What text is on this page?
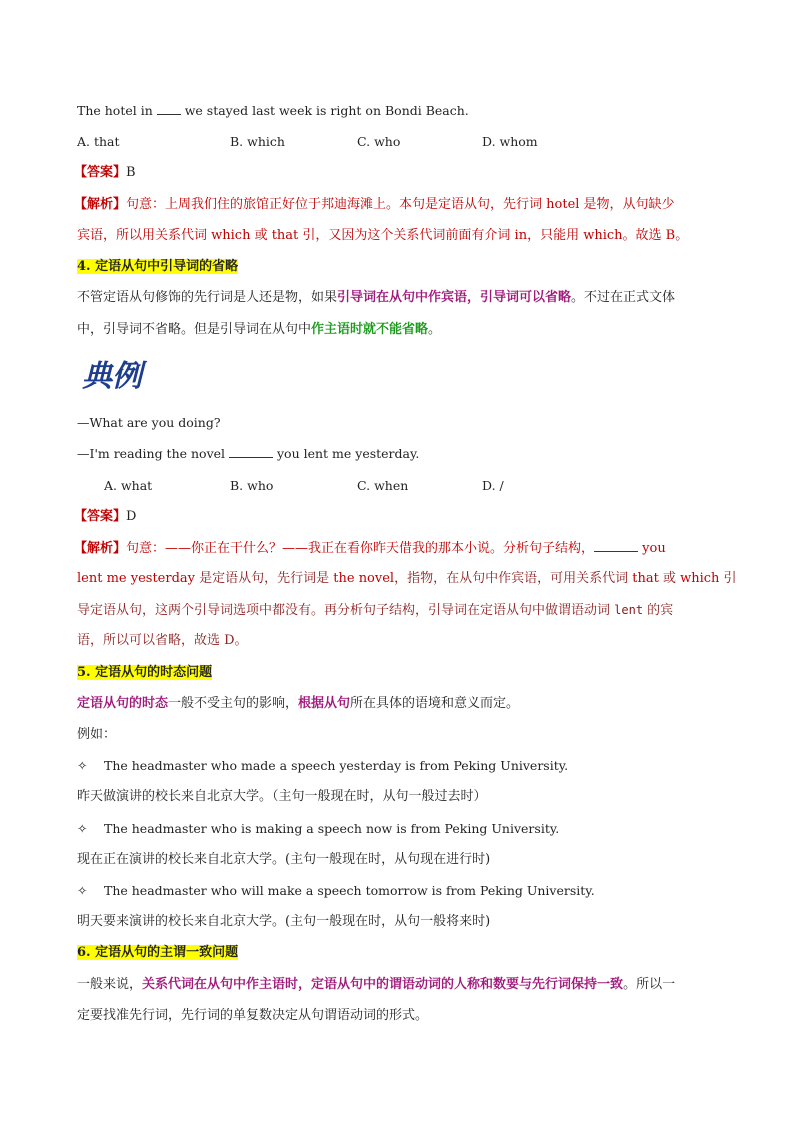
The hotel in  we stayed last week is right on Bondi Beach.
A. that	B. which	C. who	D. whom
【答案】B
【解析】句意：上周我们住的旅馆正好位于邦迪海滩上。本句是定语从句，先行词 hotel 是物，从句缺少
宾语，所以用关系代词 which 或 that 引，又因为这个关系代词前面有介词 in，只能用 which。故选 B。
4. 定语从句中引导词的省略
不管定语从句修饰的先行词是人还是物，如果引导词在从句中作宾语，引导词可以省略。不过在正式文体
中，引导词不省略。但是引导词在从句中作主语时就不能省略。
典例
—What are you doing?
—I'm reading the novel	you lent me yesterday.
A. what	B. who	C. when	D. /
【答案】D
【解析】句意：——你正在干什么？——我正在看你昨天借我的那本小说。分析句子结构，	you
lent me yesterday 是定语从句，先行词是 the novel，指物，在从句中作宾语，可用关系代词 that 或 which 引
导定语从句，这两个引导词选项中都没有。再分析句子结构，引导词在定语从句中做谓语动词 lent 的宾
语，所以可以省略，故选 D。
5. 定语从句的时态问题
定语从句的时态一般不受主句的影响，根据从句所在具体的语境和意义而定。
例如：
✧ The headmaster who made a speech yesterday is from Peking University.
昨天做演讲的校长来自北京大学。（主句一般现在时，从句一般过去时）
✧ The headmaster who is making a speech now is from Peking University.
现在正在演讲的校长来自北京大学。(主句一般现在时，从句现在进行时)
✧ The headmaster who will make a speech tomorrow is from Peking University.
明天要来演讲的校长来自北京大学。(主句一般现在时，从句一般将来时)
6. 定语从句的主谓一致问题
一般来说，关系代词在从句中作主语时，定语从句中的谓语动词的人称和数要与先行词保持一致。所以一
定要找准先行词，先行词的单复数决定从句谓语动词的形式。
